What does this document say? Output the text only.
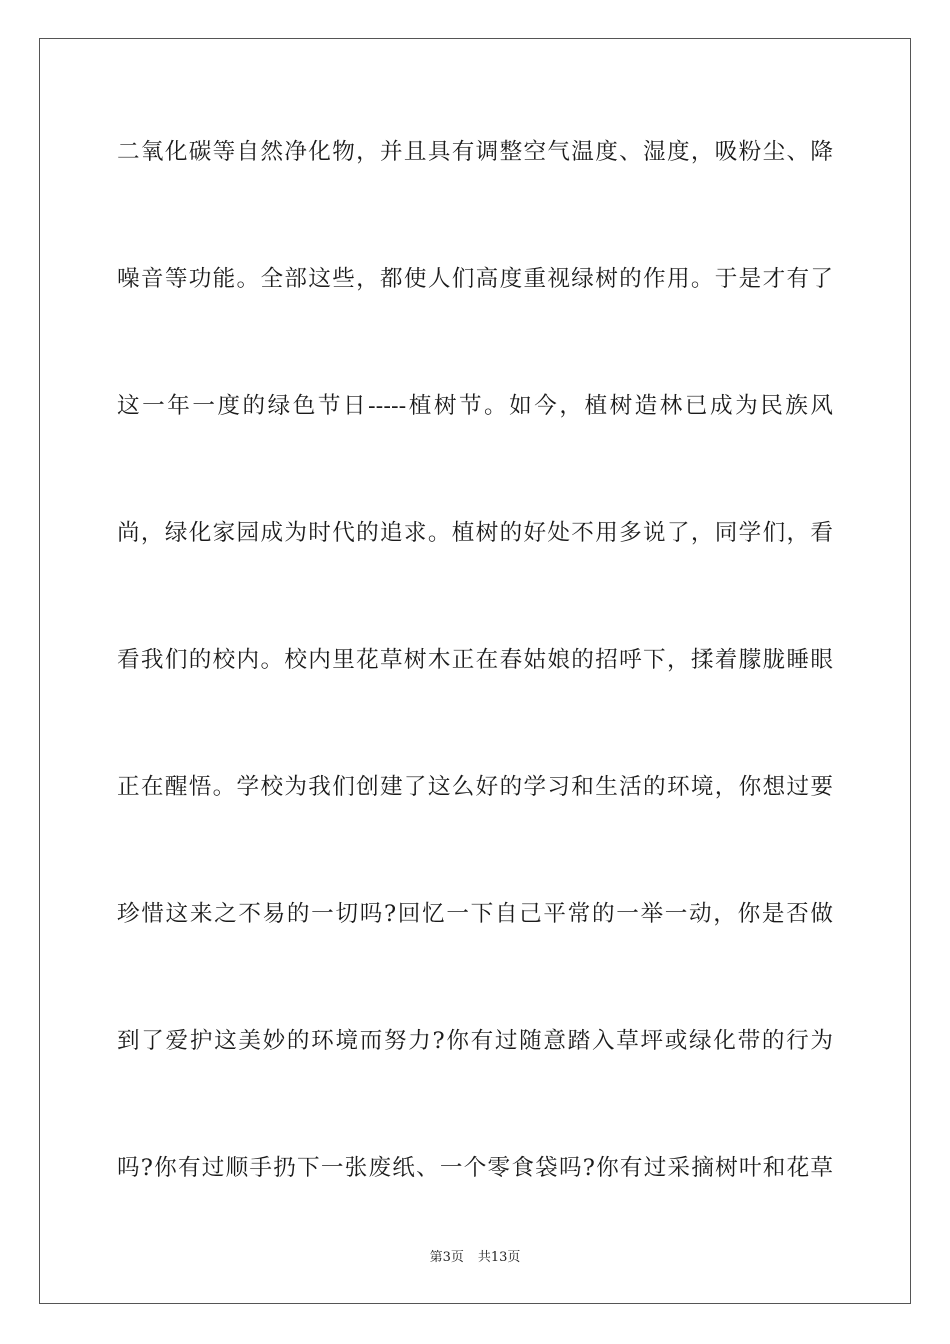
二氧化碳等自然净化物，并且具有调整空气温度、湿度，吸粉尘、降
噪音等功能。全部这些，都使人们高度重视绿树的作用。于是才有了
这一年一度的绿色节日-----植树节。如今，植树造林已成为民族风
尚，绿化家园成为时代的追求。植树的好处不用多说了，同学们，看
看我们的校内。校内里花草树木正在春姑娘的招呼下，揉着朦胧睡眼
正在醒悟。学校为我们创建了这么好的学习和生活的环境，你想过要
珍惜这来之不易的一切吗?回忆一下自己平常的一举一动，你是否做
到了爱护这美妙的环境而努力?你有过随意踏入草坪或绿化带的行为
吗?你有过顺手扔下一张废纸、一个零食袋吗?你有过采摘树叶和花草
第3页 共13页
